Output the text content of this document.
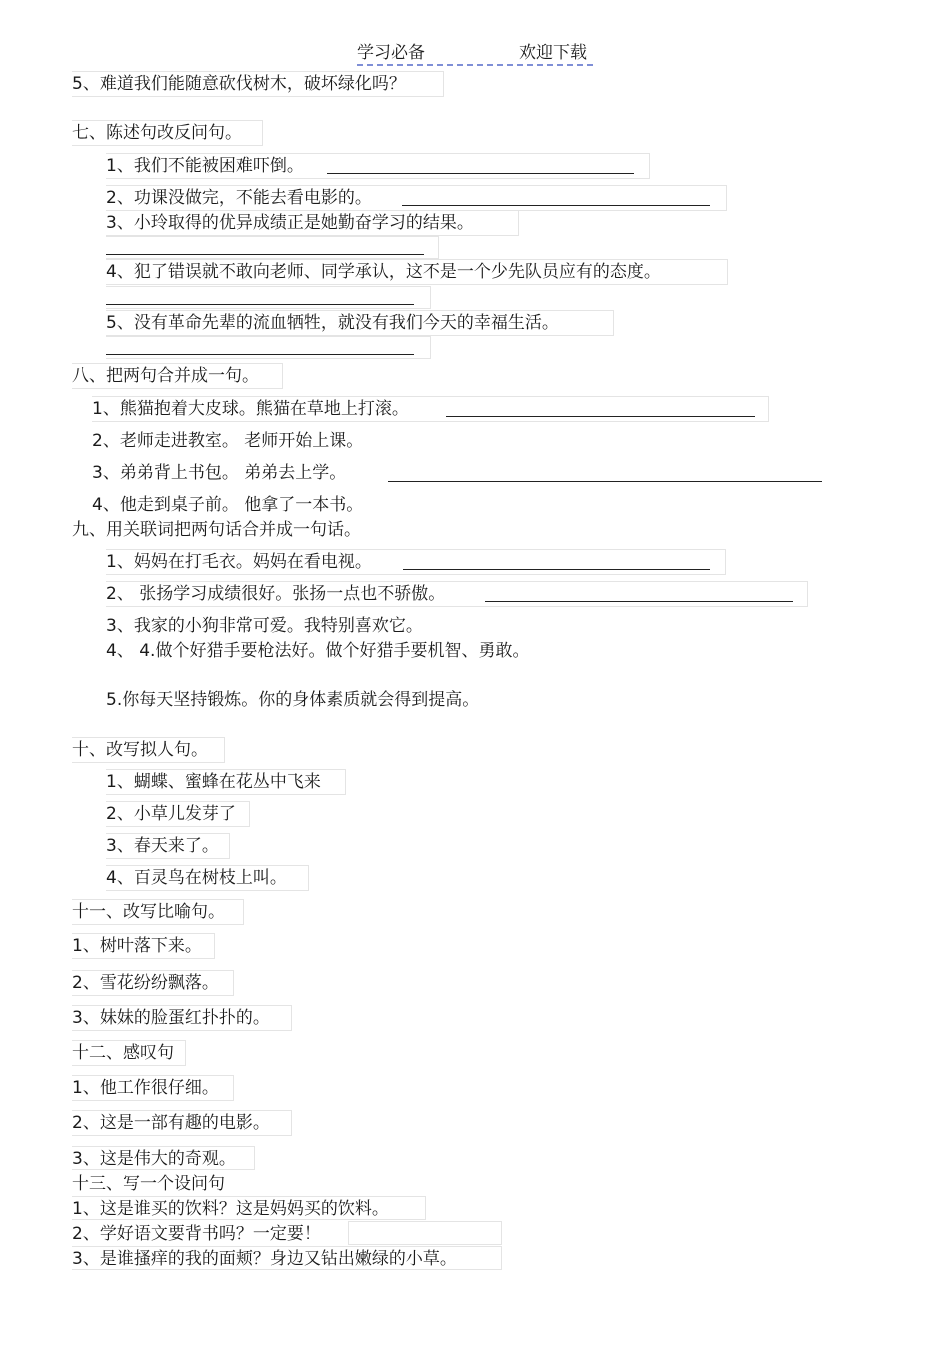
学习必备	欢迎下载
5、难道我们能随意砍伐树木，破坏绿化吗？
七、陈述句改反问句。
1、我们不能被困难吓倒。
2、功课没做完，不能去看电影的。
3、小玲取得的优异成绩正是她勤奋学习的结果。
4、犯了错误就不敢向老师、同学承认，这不是一个少先队员应有的态度。
5、没有革命先辈的流血牺牲，就没有我们今天的幸福生活。
八、把两句合并成一句。
1、熊猫抱着大皮球。熊猫在草地上打滚。
2、老师走进教室。 老师开始上课。
3、弟弟背上书包。 弟弟去上学。
4、他走到桌子前。 他拿了一本书。
九、用关联词把两句话合并成一句话。
1、妈妈在打毛衣。妈妈在看电视。
2、 张扬学习成绩很好。张扬一点也不骄傲。
3、我家的小狗非常可爱。我特别喜欢它。
4、 4.做个好猎手要枪法好。做个好猎手要机智、勇敢。
5.你每天坚持锻炼。你的身体素质就会得到提高。
十、改写拟人句。
1、蝴蝶、蜜蜂在花丛中飞来
2、小草儿发芽了
3、春天来了。
4、百灵鸟在树枝上叫。
十一、改写比喻句。
1、树叶落下来。
2、雪花纷纷飘落。
3、妹妹的脸蛋红扑扑的。
十二、感叹句
1、他工作很仔细。
2、这是一部有趣的电影。
3、这是伟大的奇观。
十三、写一个设问句
1、这是谁买的饮料？这是妈妈买的饮料。
2、学好语文要背书吗？一定要！
3、是谁搔痒的我的面颊？身边又钻出嫩绿的小草。
